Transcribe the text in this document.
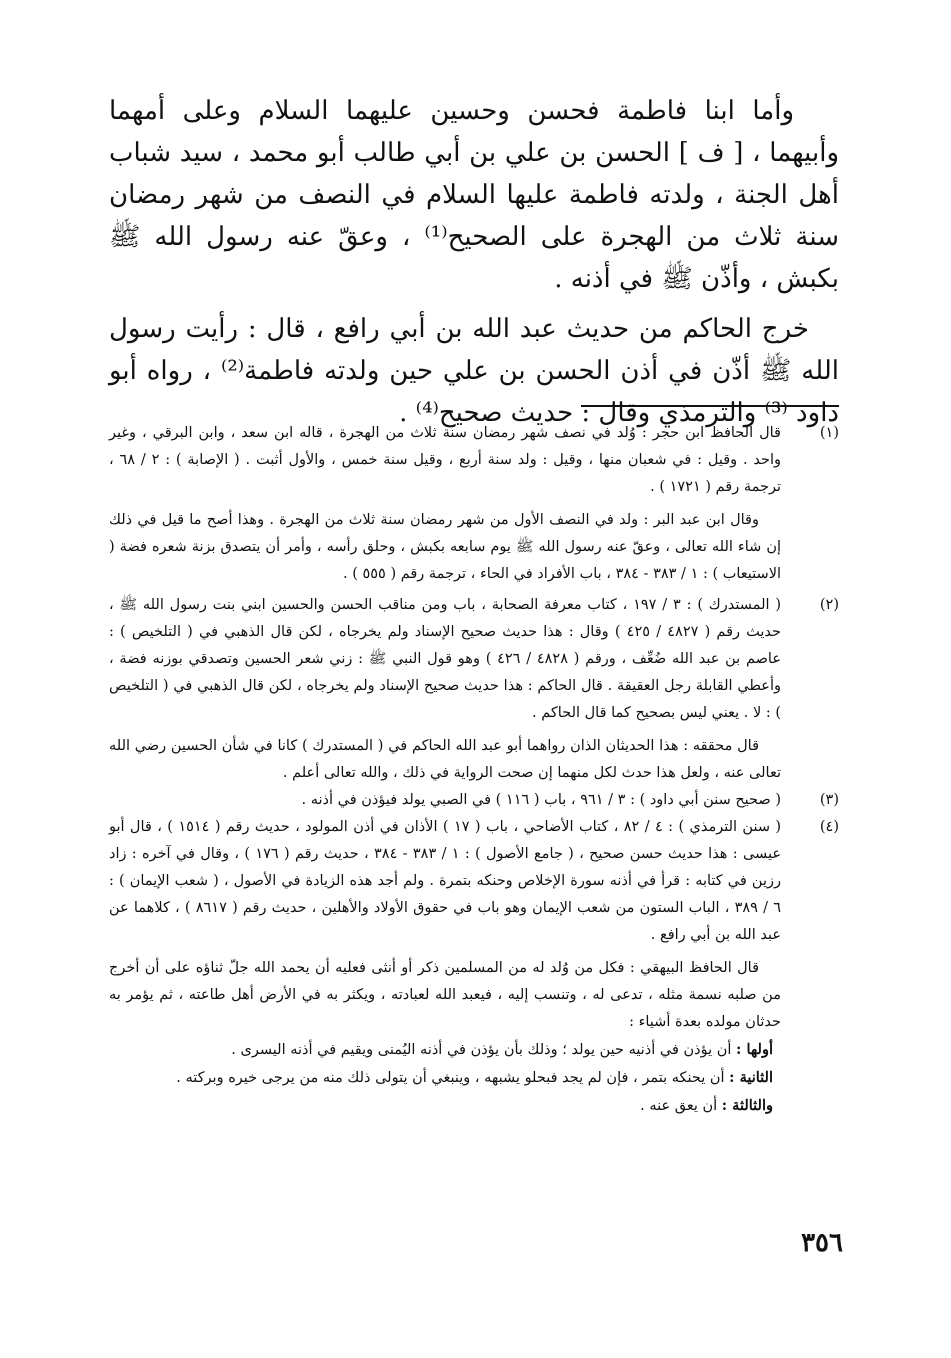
وأما ابنا فاطمة فحسن وحسين عليهما السلام وعلى أمهما وأبيهما ، [ ف ] الحسن بن علي بن أبي طالب أبو محمد ، سيد شباب أهل الجنة ، ولدته فاطمة عليها السلام في النصف من شهر رمضان سنة ثلاث من الهجرة على الصحيح⁽¹⁾ ، وعقّ عنه رسول الله ﷺ بكبش ، وأذّن ﷺ في أذنه .

خرج الحاكم من حديث عبد الله بن أبي رافع ، قال : رأيت رسول الله ﷺ أذّن في أذن الحسن بن علي حين ولدته فاطمة⁽²⁾ ، رواه أبو داود ⁽³⁾ والترمذي وقال : حديث صحيح⁽⁴⁾ .

(١)

قال الحافظ ابن حجر : وُلد في نصف شهر رمضان سنة ثلاث من الهجرة ، قاله ابن سعد ، وابن البرقي ، وغير واحد . وقيل : في شعبان منها ، وقيل : ولد سنة أربع ، وقيل سنة خمس ، والأول أثبت . ( الإصابة ) : ٢ / ٦٨ ، ترجمة رقم ( ١٧٢١ ) .

وقال ابن عبد البر : ولد في النصف الأول من شهر رمضان سنة ثلاث من الهجرة . وهذا أصح ما قيل في ذلك إن شاء الله تعالى ، وعقّ عنه رسول الله ﷺ يوم سابعه بكبش ، وحلق رأسه ، وأمر أن يتصدق بزنة شعره فضة ( الاستيعاب ) : ١ / ٣٨٣ - ٣٨٤ ، باب الأفراد في الحاء ، ترجمة رقم ( ٥٥٥ ) .

(٢)

( المستدرك ) : ٣ / ١٩٧ ، كتاب معرفة الصحابة ، باب ومن مناقب الحسن والحسين ابني بنت رسول الله ﷺ ، حديث رقم ( ٤٨٢٧ / ٤٢٥ ) وقال : هذا حديث صحيح الإسناد ولم يخرجاه ، لكن قال الذهبي في ( التلخيص ) : عاصم بن عبد الله ضُعِّف ، ورقم ( ٤٨٢٨ / ٤٢٦ ) وهو قول النبي ﷺ : زني شعر الحسين وتصدقي بوزنه فضة ، وأعطي القابلة رجل العقيقة . قال الحاكم : هذا حديث صحيح الإسناد ولم يخرجاه ، لكن قال الذهبي في ( التلخيص ) : لا . يعني ليس بصحيح كما قال الحاكم .

قال محققه : هذا الحديثان الذان رواهما أبو عبد الله الحاكم في ( المستدرك ) كانا في شأن الحسين رضي الله تعالى عنه ، ولعل هذا حدث لكل منهما إن صحت الرواية في ذلك ، والله تعالى أعلم .

(٣)

( صحيح سنن أبي داود ) : ٣ / ٩٦١ ، باب ( ١١٦ ) في الصبي يولد فيؤذن في أذنه .

(٤)

( سنن الترمذي ) : ٤ / ٨٢ ، كتاب الأضاحي ، باب ( ١٧ ) الأذان في أذن المولود ، حديث رقم ( ١٥١٤ ) ، قال أبو عيسى : هذا حديث حسن صحيح ، ( جامع الأصول ) : ١ / ٣٨٣ - ٣٨٤ ، حديث رقم ( ١٧٦ ) ، وقال في آخره : زاد رزين في كتابه : قرأ في أذنه سورة الإخلاص وحنكه بتمرة . ولم أجد هذه الزيادة في الأصول ، ( شعب الإيمان ) : ٦ / ٣٨٩ ، الباب الستون من شعب الإيمان وهو باب في حقوق الأولاد والأهلين ، حديث رقم ( ٨٦١٧ ) ، كلاهما عن عبد الله بن أبي رافع .

قال الحافظ البيهقي : فكل من وُلد له من المسلمين ذكر أو أنثى فعليه أن يحمد الله جلّ ثناؤه على أن أخرج من صلبه نسمة مثله ، تدعى له ، وتنسب إليه ، فيعبد الله لعبادته ، ويكثر به في الأرض أهل طاعته ، ثم يؤمر به حدثان مولده بعدة أشياء :

أولها : أن يؤذن في أذنيه حين يولد ؛ وذلك بأن يؤذن في أذنه اليُمنى ويقيم في أذنه اليسرى .

الثانية : أن يحنكه بتمر ، فإن لم يجد فبحلو يشبهه ، وينبغي أن يتولى ذلك منه من يرجى خيره وبركته .

والثالثة : أن يعق عنه .

٣٥٦
